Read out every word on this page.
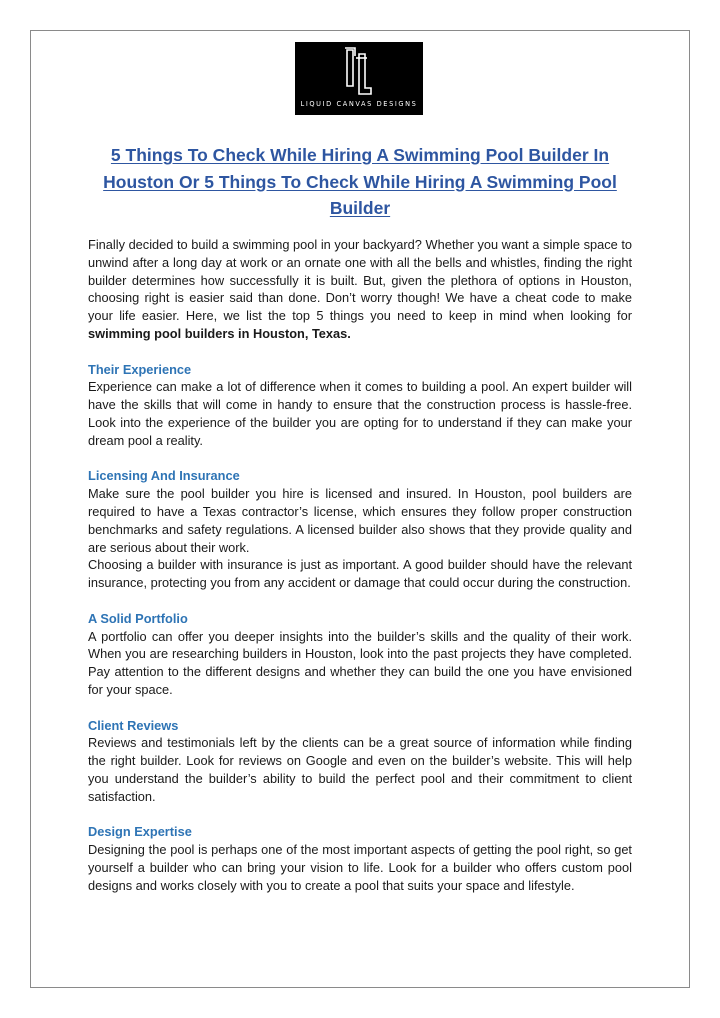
LIQUID CANVAS DESIGNS
5 Things To Check While Hiring A Swimming Pool Builder In Houston Or 5 Things To Check While Hiring A Swimming Pool Builder

Finally decided to build a swimming pool in your backyard? Whether you want a simple space to unwind after a long day at work or an ornate one with all the bells and whistles, finding the right builder determines how successfully it is built. But, given the plethora of options in Houston, choosing right is easier said than done. Don’t worry though! We have a cheat code to make your life easier. Here, we list the top 5 things you need to keep in mind when looking for swimming pool builders in Houston, Texas.

Their Experience

Experience can make a lot of difference when it comes to building a pool. An expert builder will have the skills that will come in handy to ensure that the construction process is hassle-free. Look into the experience of the builder you are opting for to understand if they can make your dream pool a reality.

Licensing And Insurance

Make sure the pool builder you hire is licensed and insured. In Houston, pool builders are required to have a Texas contractor’s license, which ensures they follow proper construction benchmarks and safety regulations. A licensed builder also shows that they provide quality and are serious about their work.

Choosing a builder with insurance is just as important. A good builder should have the relevant insurance, protecting you from any accident or damage that could occur during the construction.

A Solid Portfolio

A portfolio can offer you deeper insights into the builder’s skills and the quality of their work. When you are researching builders in Houston, look into the past projects they have completed. Pay attention to the different designs and whether they can build the one you have envisioned for your space.

Client Reviews

Reviews and testimonials left by the clients can be a great source of information while finding the right builder. Look for reviews on Google and even on the builder’s website. This will help you understand the builder’s ability to build the perfect pool and their commitment to client satisfaction.

Design Expertise

Designing the pool is perhaps one of the most important aspects of getting the pool right, so get yourself a builder who can bring your vision to life. Look for a builder who offers custom pool designs and works closely with you to create a pool that suits your space and lifestyle.
